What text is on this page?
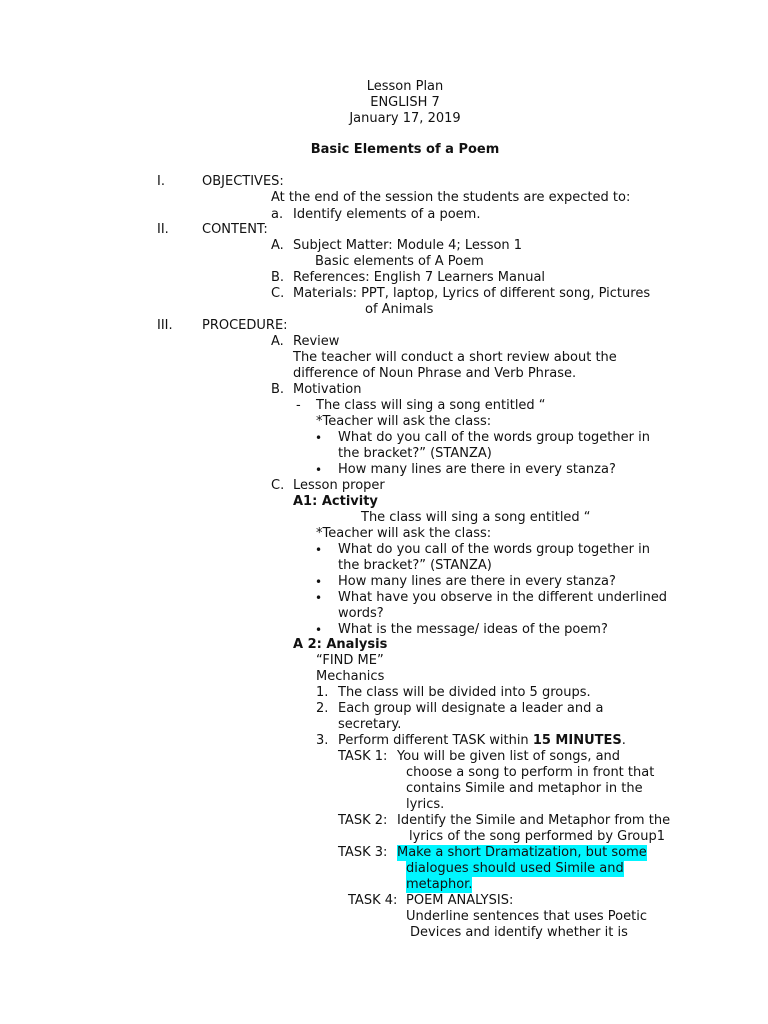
Lesson Plan
ENGLISH 7
January 17, 2019
Basic Elements of a Poem
I.	OBJECTIVES:
At the end of the session the students are expected to:
a. Identify elements of a poem.
II.	CONTENT:
A. Subject Matter: Module 4; Lesson 1
Basic elements of A Poem
B. References: English 7 Learners Manual
C. Materials: PPT, laptop, Lyrics of different song, Pictures
of Animals
III. PROCEDURE:
A. Review
The teacher will conduct a short review about the
difference of Noun Phrase and Verb Phrase.
B. Motivation
- The class will sing a song entitled “
*Teacher will ask the class:
• What do you call of the words group together in
the bracket?” (STANZA)
• How many lines are there in every stanza?
C. Lesson proper
A1: Activity
The class will sing a song entitled “
*Teacher will ask the class:
• What do you call of the words group together in
the bracket?” (STANZA)
• How many lines are there in every stanza?
• What have you observe in the different underlined
words?
• What is the message/ ideas of the poem?
A 2: Analysis
“FIND ME”
Mechanics
1. The class will be divided into 5 groups.
2. Each group will designate a leader and a
secretary.
3. Perform different TASK within 15 MINUTES.
TASK 1: You will be given list of songs, and
choose a song to perform in front that
contains Simile and metaphor in the
lyrics.
TASK 2: Identify the Simile and Metaphor from the
lyrics of the song performed by Group1
TASK 3: Make a short Dramatization, but some
dialogues should used Simile and
metaphor.
TASK 4: POEM ANALYSIS:
Underline sentences that uses Poetic
Devices and identify whether it is
